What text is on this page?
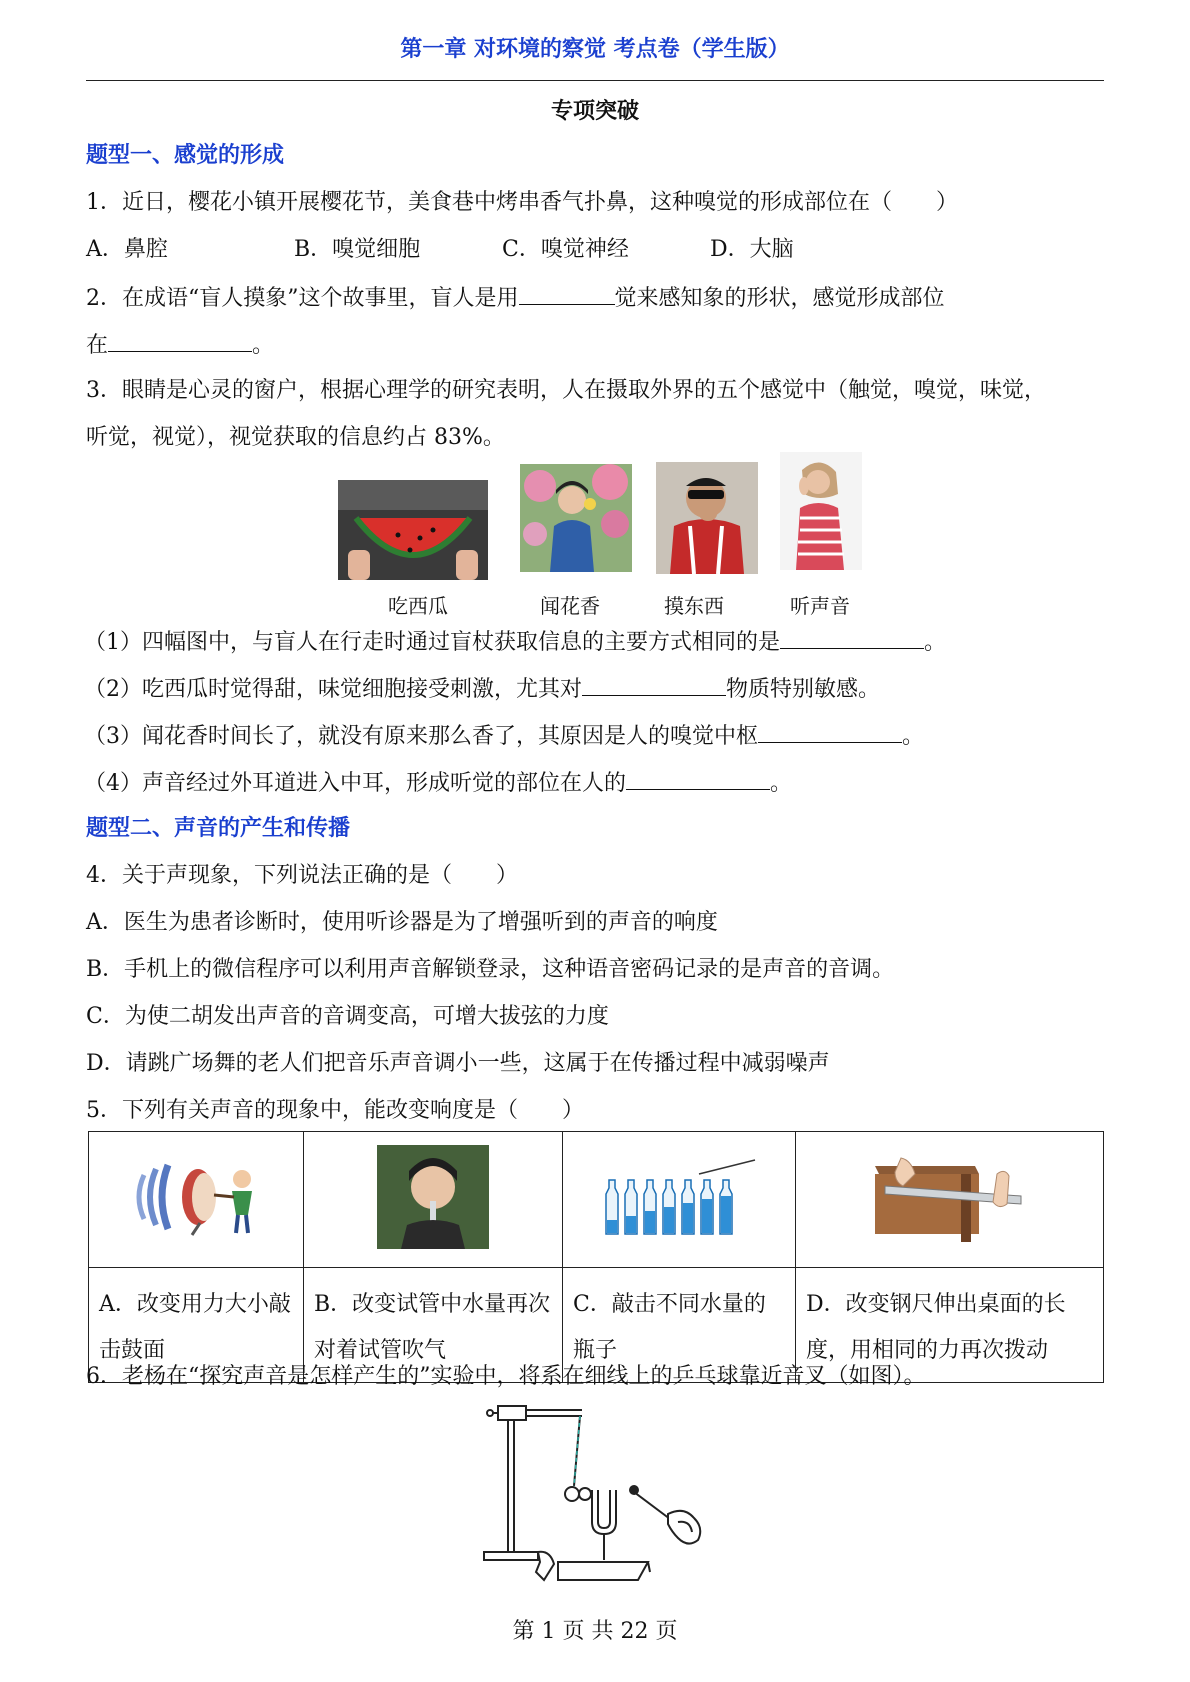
第一章 对环境的察觉 考点卷（学生版）
专项突破
题型一、感觉的形成
1．近日，樱花小镇开展樱花节，美食巷中烤串香气扑鼻，这种嗅觉的形成部位在（　　）
A．鼻腔	B．嗅觉细胞	C．嗅觉神经	D．大脑
2．在成语“盲人摸象”这个故事里，盲人是用	觉来感知象的形状，感觉形成部位
在	。
3．眼睛是心灵的窗户，根据心理学的研究表明，人在摄取外界的五个感觉中（触觉，嗅觉，味觉，
听觉，视觉），视觉获取的信息约占 83%。
吃西瓜	闻花香	摸东西	听声音
（1）四幅图中，与盲人在行走时通过盲杖获取信息的主要方式相同的是	。
（2）吃西瓜时觉得甜，味觉细胞接受刺激，尤其对	物质特别敏感。
（3）闻花香时间长了，就没有原来那么香了，其原因是人的嗅觉中枢	。
（4）声音经过外耳道进入中耳，形成听觉的部位在人的	。
题型二、声音的产生和传播
4．关于声现象，下列说法正确的是（　　）
A．医生为患者诊断时，使用听诊器是为了增强听到的声音的响度
B．手机上的微信程序可以利用声音解锁登录，这种语音密码记录的是声音的音调。
C．为使二胡发出声音的音调变高，可增大拔弦的力度
D．请跳广场舞的老人们把音乐声音调小一些，这属于在传播过程中减弱噪声
5．下列有关声音的现象中，能改变响度是（　　）

A．改变用力大小敲击鼓面	B．改变试管中水量再次对着试管吹气	C．敲击不同水量的瓶子	D．改变钢尺伸出桌面的长度，用相同的力再次拨动
6．老杨在“探究声音是怎样产生的”实验中，将系在细线上的乒乓球靠近音叉（如图）。
第 1 页 共 22 页
